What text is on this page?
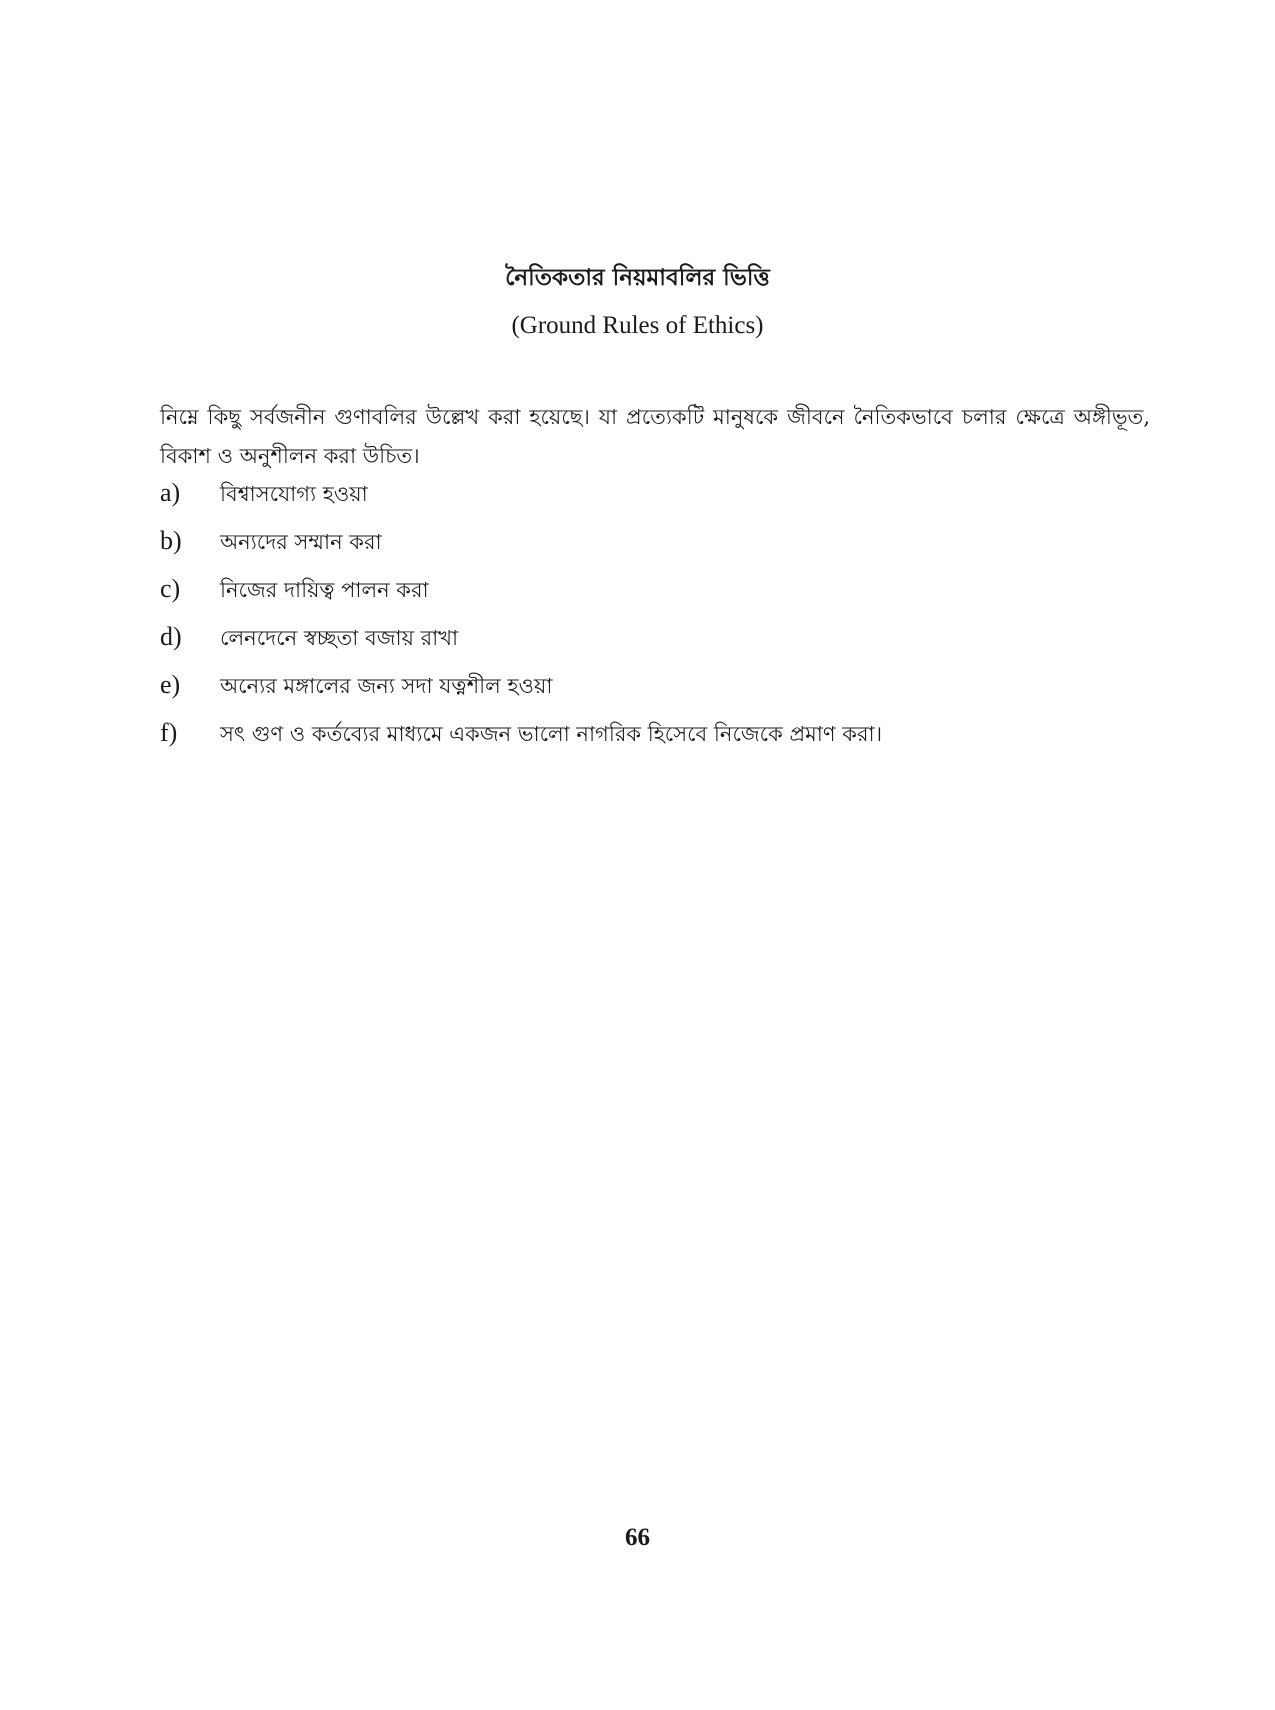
নৈতিকতার নিয়মাবলির ভিত্তি

(Ground Rules of Ethics)

নিম্নে কিছু সর্বজনীন গুণাবলির উল্লেখ করা হয়েছে। যা প্রত্যেকটি মানুষকে জীবনে নৈতিকভাবে চলার ক্ষেত্রে অঙ্গীভূত, বিকাশ ও অনুশীলন করা উচিত।

a)	বিশ্বাসযোগ্য হওয়া
b)	অন্যদের সম্মান করা
c)	নিজের দায়িত্ব পালন করা
d)	লেনদেনে স্বচ্ছতা বজায় রাখা
e)	অন্যের মঙ্গালের জন্য সদা যত্নশীল হওয়া
f)	সৎ গুণ ও কর্তব্যের মাধ্যমে একজন ভালো নাগরিক হিসেবে নিজেকে প্রমাণ করা।

66
